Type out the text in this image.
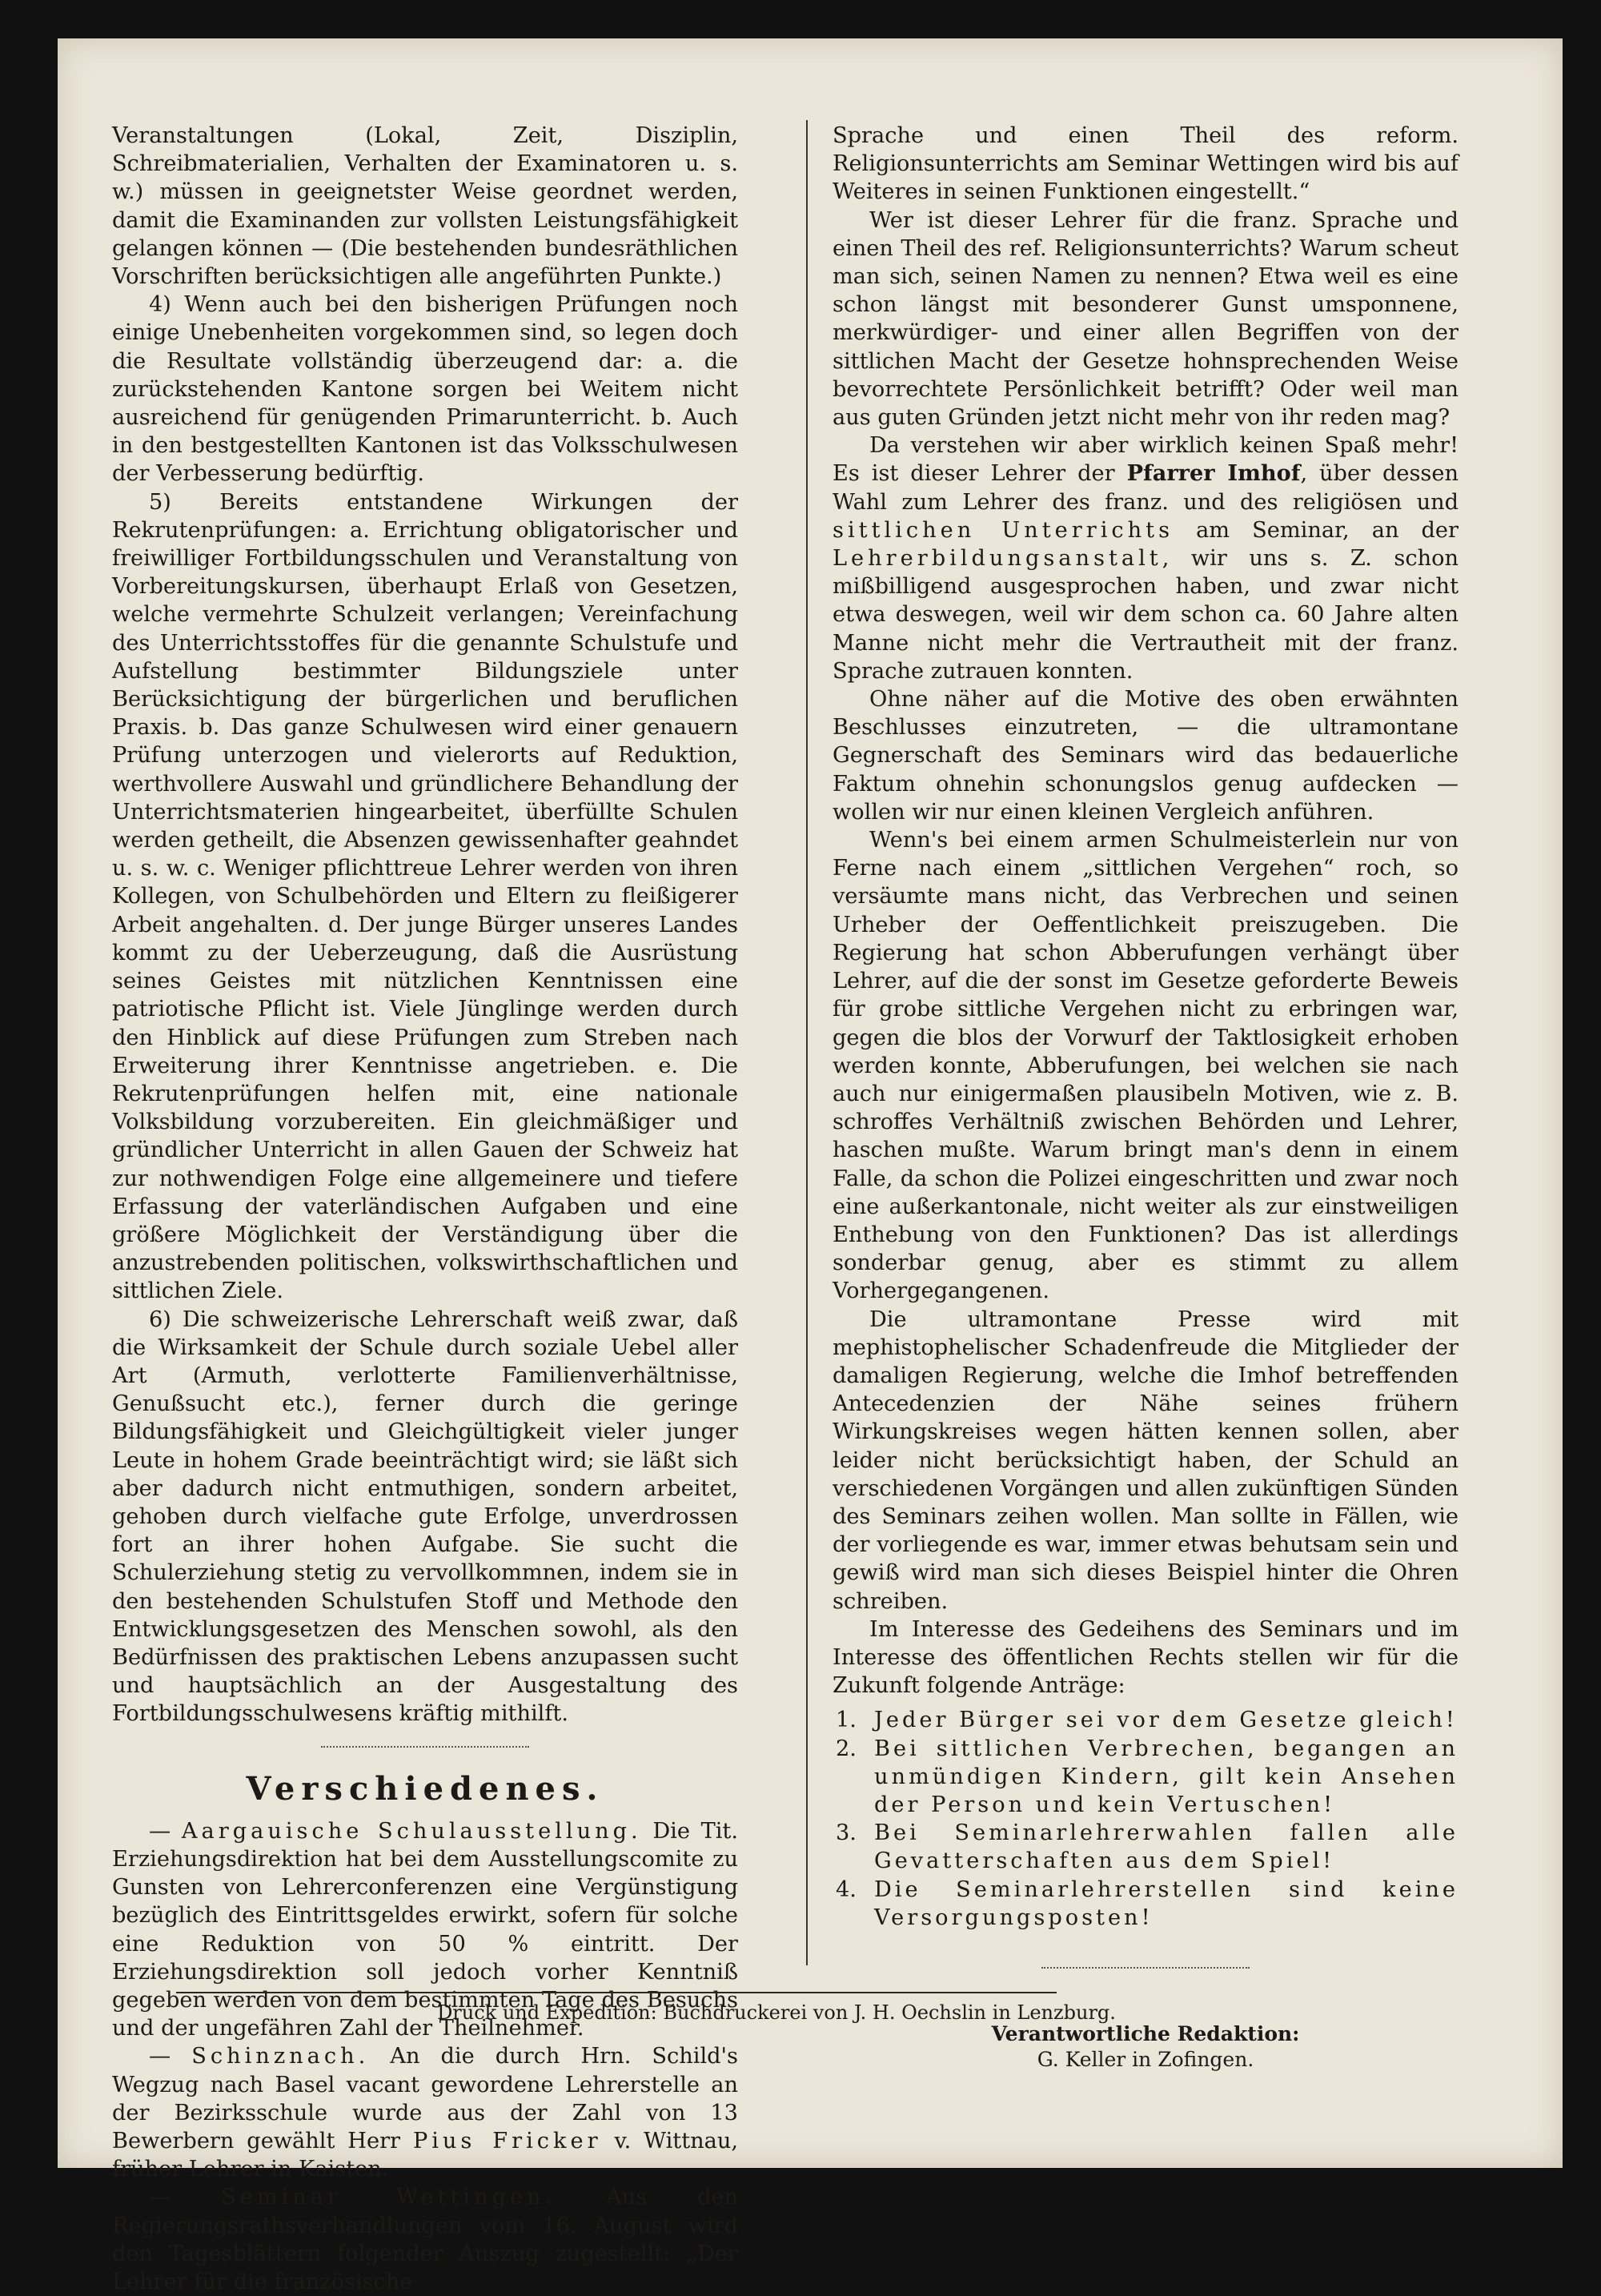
Veranstaltungen (Lokal, Zeit, Disziplin, Schreibmaterialien, Verhalten der Examinatoren u. s. w.) müssen in geeignetster Weise geordnet werden, damit die Examinanden zur vollsten Leistungsfähigkeit gelangen können — (Die bestehenden bundesräthlichen Vorschriften berücksichtigen alle angeführten Punkte.)

4) Wenn auch bei den bisherigen Prüfungen noch einige Unebenheiten vorgekommen sind, so legen doch die Resultate vollständig überzeugend dar: a. die zurückstehenden Kantone sorgen bei Weitem nicht ausreichend für genügenden Primarunterricht. b. Auch in den bestgestellten Kantonen ist das Volksschulwesen der Verbesserung bedürftig.

5) Bereits entstandene Wirkungen der Rekrutenprüfungen: a. Errichtung obligatorischer und freiwilliger Fortbildungsschulen und Veranstaltung von Vorbereitungskursen, überhaupt Erlaß von Gesetzen, welche vermehrte Schulzeit verlangen; Vereinfachung des Unterrichtsstoffes für die genannte Schulstufe und Aufstellung bestimmter Bildungsziele unter Berücksichtigung der bürgerlichen und beruflichen Praxis. b. Das ganze Schulwesen wird einer genauern Prüfung unterzogen und vielerorts auf Reduktion, werthvollere Auswahl und gründlichere Behandlung der Unterrichtsmaterien hingearbeitet, überfüllte Schulen werden getheilt, die Absenzen gewissenhafter geahndet u. s. w. c. Weniger pflichttreue Lehrer werden von ihren Kollegen, von Schulbehörden und Eltern zu fleißigerer Arbeit angehalten. d. Der junge Bürger unseres Landes kommt zu der Ueberzeugung, daß die Ausrüstung seines Geistes mit nützlichen Kenntnissen eine patriotische Pflicht ist. Viele Jünglinge werden durch den Hinblick auf diese Prüfungen zum Streben nach Erweiterung ihrer Kenntnisse angetrieben. e. Die Rekrutenprüfungen helfen mit, eine nationale Volksbildung vorzubereiten. Ein gleichmäßiger und gründlicher Unterricht in allen Gauen der Schweiz hat zur nothwendigen Folge eine allgemeinere und tiefere Erfassung der vaterländischen Aufgaben und eine größere Möglichkeit der Verständigung über die anzustrebenden politischen, volkswirthschaftlichen und sittlichen Ziele.

6) Die schweizerische Lehrerschaft weiß zwar, daß die Wirksamkeit der Schule durch soziale Uebel aller Art (Armuth, verlotterte Familienverhältnisse, Genußsucht etc.), ferner durch die geringe Bildungsfähigkeit und Gleichgültigkeit vieler junger Leute in hohem Grade beeinträchtigt wird; sie läßt sich aber dadurch nicht entmuthigen, sondern arbeitet, gehoben durch vielfache gute Erfolge, unverdrossen fort an ihrer hohen Aufgabe. Sie sucht die Schulerziehung stetig zu vervollkommnen, indem sie in den bestehenden Schulstufen Stoff und Methode den Entwicklungsgesetzen des Menschen sowohl, als den Bedürfnissen des praktischen Lebens anzupassen sucht und hauptsächlich an der Ausgestaltung des Fortbildungsschulwesens kräftig mithilft.

Verschiedenes.

— Aargauische Schulausstellung. Die Tit. Erziehungsdirektion hat bei dem Ausstellungscomite zu Gunsten von Lehrerconferenzen eine Vergünstigung bezüglich des Eintrittsgeldes erwirkt, sofern für solche eine Reduktion von 50 % eintritt. Der Erziehungsdirektion soll jedoch vorher Kenntniß gegeben werden von dem bestimmten Tage des Besuchs und der ungefähren Zahl der Theilnehmer.

— Schinznach. An die durch Hrn. Schild's Wegzug nach Basel vacant gewordene Lehrerstelle an der Bezirksschule wurde aus der Zahl von 13 Bewerbern gewählt Herr Pius Fricker v. Wittnau, früher Lehrer in Kaisten.

— Seminar Wettingen. Aus den Regierungsrathsverhandlungen vom 16. August wird den Tagesblättern folgender Auszug zugestellt: „Der Lehrer für die französische

Sprache und einen Theil des reform. Religionsunterrichts am Seminar Wettingen wird bis auf Weiteres in seinen Funktionen eingestellt.“

Wer ist dieser Lehrer für die franz. Sprache und einen Theil des ref. Religionsunterrichts? Warum scheut man sich, seinen Namen zu nennen? Etwa weil es eine schon längst mit besonderer Gunst umsponnene, merkwürdiger- und einer allen Begriffen von der sittlichen Macht der Gesetze hohnsprechenden Weise bevorrechtete Persönlichkeit betrifft? Oder weil man aus guten Gründen jetzt nicht mehr von ihr reden mag?

Da verstehen wir aber wirklich keinen Spaß mehr! Es ist dieser Lehrer der Pfarrer Imhof, über dessen Wahl zum Lehrer des franz. und des religiösen und sittlichen Unterrichts am Seminar, an der Lehrerbildungsanstalt, wir uns s. Z. schon mißbilligend ausgesprochen haben, und zwar nicht etwa deswegen, weil wir dem schon ca. 60 Jahre alten Manne nicht mehr die Vertrautheit mit der franz. Sprache zutrauen konnten.

Ohne näher auf die Motive des oben erwähnten Beschlusses einzutreten, — die ultramontane Gegnerschaft des Seminars wird das bedauerliche Faktum ohnehin schonungslos genug aufdecken — wollen wir nur einen kleinen Vergleich anführen.

Wenn's bei einem armen Schulmeisterlein nur von Ferne nach einem „sittlichen Vergehen“ roch, so versäumte mans nicht, das Verbrechen und seinen Urheber der Oeffentlichkeit preiszugeben. Die Regierung hat schon Abberufungen verhängt über Lehrer, auf die der sonst im Gesetze geforderte Beweis für grobe sittliche Vergehen nicht zu erbringen war, gegen die blos der Vorwurf der Taktlosigkeit erhoben werden konnte, Abberufungen, bei welchen sie nach auch nur einigermaßen plausibeln Motiven, wie z. B. schroffes Verhältniß zwischen Behörden und Lehrer, haschen mußte. Warum bringt man's denn in einem Falle, da schon die Polizei eingeschritten und zwar noch eine außerkantonale, nicht weiter als zur einstweiligen Enthebung von den Funktionen? Das ist allerdings sonderbar genug, aber es stimmt zu allem Vorhergegangenen.

Die ultramontane Presse wird mit mephistophelischer Schadenfreude die Mitglieder der damaligen Regierung, welche die Imhof betreffenden Antecedenzien der Nähe seines frühern Wirkungskreises wegen hätten kennen sollen, aber leider nicht berücksichtigt haben, der Schuld an verschiedenen Vorgängen und allen zukünftigen Sünden des Seminars zeihen wollen. Man sollte in Fällen, wie der vorliegende es war, immer etwas behutsam sein und gewiß wird man sich dieses Beispiel hinter die Ohren schreiben.

Im Interesse des Gedeihens des Seminars und im Interesse des öffentlichen Rechts stellen wir für die Zukunft folgende Anträge:

1. Jeder Bürger sei vor dem Gesetze gleich!
2. Bei sittlichen Verbrechen, begangen an unmündigen Kindern, gilt kein Ansehen der Person und kein Vertuschen!
3. Bei Seminarlehrerwahlen fallen alle Gevatterschaften aus dem Spiel!
4. Die Seminarlehrerstellen sind keine Versorgungsposten!
Verantwortliche Redaktion:
G. Keller in Zofingen.
Druck und Expedition: Buchdruckerei von J. H. Oechslin in Lenzburg.
